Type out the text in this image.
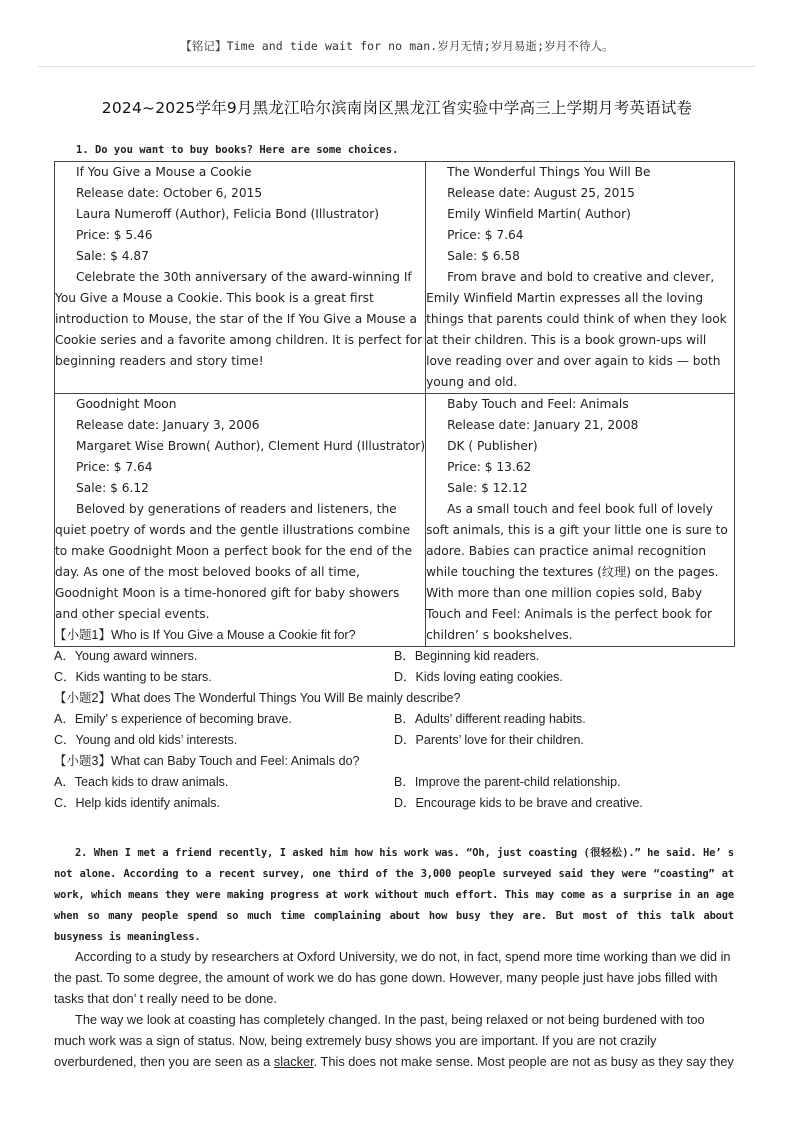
【铭记】Time and tide wait for no man.岁月无情;岁月易逝;岁月不待人。
2024~2025学年9月黑龙江哈尔滨南岗区黑龙江省实验中学高三上学期月考英语试卷
1. Do you want to buy books? Here are some choices.
If You Give a Mouse a Cookie
Release date: October 6, 2015
Laura Numeroff (Author), Felicia Bond (Illustrator)
Price: $ 5.46
Sale: $ 4.87
Celebrate the 30th anniversary of the award-winning If You Give a Mouse a Cookie. This book is a great first introduction to Mouse, the star of the If You Give a Mouse a Cookie series and a favorite among children. It is perfect for beginning readers and story time!

The Wonderful Things You Will Be
Release date: August 25, 2015
Emily Winfield Martin( Author)
Price: $ 7.64
Sale: $ 6.58
From brave and bold to creative and clever, Emily Winfield Martin expresses all the loving things that parents could think of when they look at their children. This is a book grown-ups will love reading over and over again to kids — both young and old.

Goodnight Moon
Release date: January 3, 2006
Margaret Wise Brown( Author), Clement Hurd (Illustrator)
Price: $ 7.64
Sale: $ 6.12
Beloved by generations of readers and listeners, the quiet poetry of words and the gentle illustrations combine to make Goodnight Moon a perfect book for the end of the day. As one of the most beloved books of all time, Goodnight Moon is a time-honored gift for baby showers and other special events.

Baby Touch and Feel: Animals
Release date: January 21, 2008
DK ( Publisher)
Price: $ 13.62
Sale: $ 12.12
As a small touch and feel book full of lovely soft animals, this is a gift your little one is sure to adore. Babies can practice animal recognition while touching the textures (纹理) on the pages. With more than one million copies sold, Baby Touch and Feel: Animals is the perfect book for children’ s bookshelves.
【小题1】Who is If You Give a Mouse a Cookie fit for?
A．Young award winners.	B．Beginning kid readers.
C．Kids wanting to be stars.	D．Kids loving eating cookies.
【小题2】What does The Wonderful Things You Will Be mainly describe?
A．Emily’ s experience of becoming brave.	B．Adults’ different reading habits.
C．Young and old kids’ interests.	D．Parents’ love for their children.
【小题3】What can Baby Touch and Feel: Animals do?
A．Teach kids to draw animals.	B．Improve the parent-child relationship.
C．Help kids identify animals.	D．Encourage kids to be brave and creative.
2. When I met a friend recently, I asked him how his work was. “Oh, just coasting (很轻松).” he said. He’ s not alone. According to a recent survey, one third of the 3,000 people surveyed said they were “coasting” at work, which means they were making progress at work without much effort. This may come as a surprise in an age when so many people spend so much time complaining about how busy they are. But most of this talk about busyness is meaningless.
According to a study by researchers at Oxford University, we do not, in fact, spend more time working than we did in the past. To some degree, the amount of work we do has gone down. However, many people just have jobs filled with tasks that don’ t really need to be done.
The way we look at coasting has completely changed. In the past, being relaxed or not being burdened with too much work was a sign of status. Now, being extremely busy shows you are important. If you are not crazily overburdened, then you are seen as a slacker. This does not make sense. Most people are not as busy as they say they
